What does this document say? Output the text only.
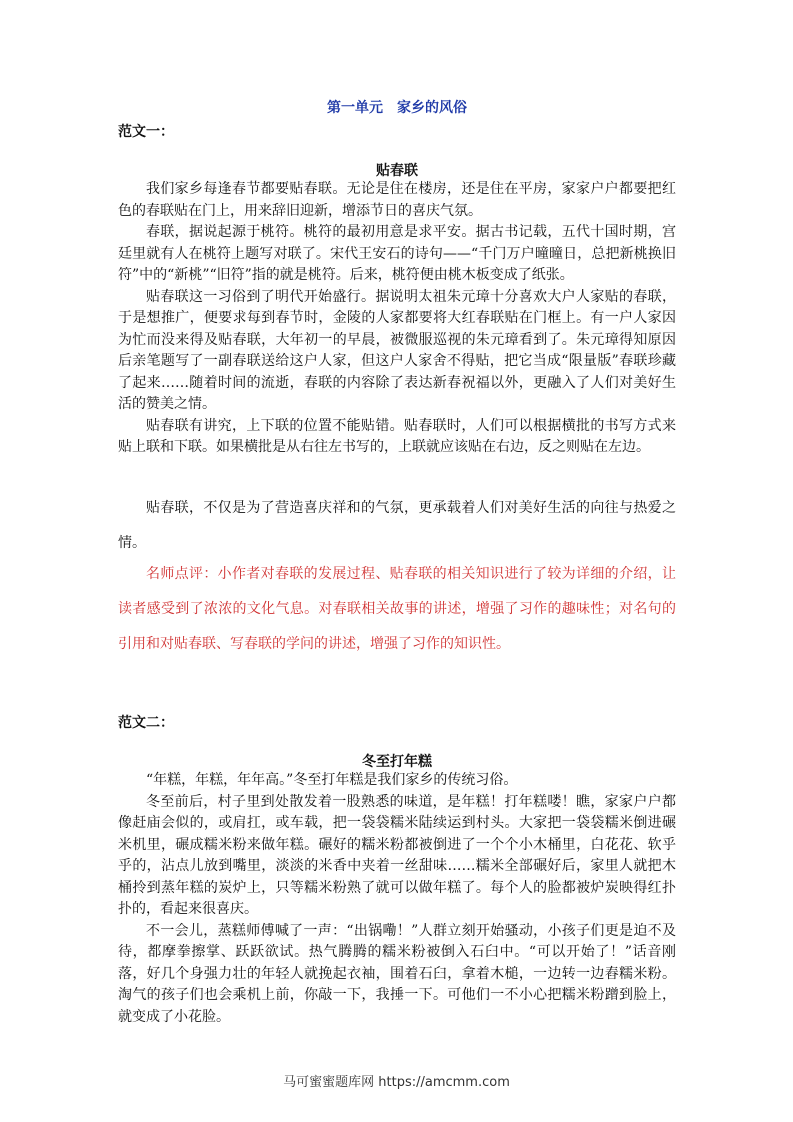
第一单元　家乡的风俗
范文一：
贴春联

我们家乡每逢春节都要贴春联。无论是住在楼房，还是住在平房，家家户户都要把红色的春联贴在门上，用来辞旧迎新，增添节日的喜庆气氛。

春联，据说起源于桃符。桃符的最初用意是求平安。据古书记载，五代十国时期，宫廷里就有人在桃符上题写对联了。宋代王安石的诗句——“千门万户曈曈日，总把新桃换旧符”中的“新桃”“旧符”指的就是桃符。后来，桃符便由桃木板变成了纸张。

贴春联这一习俗到了明代开始盛行。据说明太祖朱元璋十分喜欢大户人家贴的春联，于是想推广，便要求每到春节时，金陵的人家都要将大红春联贴在门框上。有一户人家因为忙而没来得及贴春联，大年初一的早晨，被微服巡视的朱元璋看到了。朱元璋得知原因后亲笔题写了一副春联送给这户人家，但这户人家舍不得贴，把它当成“限量版”春联珍藏了起来……随着时间的流逝，春联的内容除了表达新春祝福以外，更融入了人们对美好生活的赞美之情。

贴春联有讲究，上下联的位置不能贴错。贴春联时，人们可以根据横批的书写方式来贴上联和下联。如果横批是从右往左书写的，上联就应该贴在右边，反之则贴在左边。

贴春联，不仅是为了营造喜庆祥和的气氛，更承载着人们对美好生活的向往与热爱之情。

名师点评：小作者对春联的发展过程、贴春联的相关知识进行了较为详细的介绍，让读者感受到了浓浓的文化气息。对春联相关故事的讲述，增强了习作的趣味性；对名句的引用和对贴春联、写春联的学问的讲述，增强了习作的知识性。

范文二：
冬至打年糕

“年糕，年糕，年年高。”冬至打年糕是我们家乡的传统习俗。

冬至前后，村子里到处散发着一股熟悉的味道，是年糕！打年糕喽！瞧，家家户户都像赶庙会似的，或肩扛，或车载，把一袋袋糯米陆续运到村头。大家把一袋袋糯米倒进碾米机里，碾成糯米粉来做年糕。碾好的糯米粉都被倒进了一个个小木桶里，白花花、软乎乎的，沾点儿放到嘴里，淡淡的米香中夹着一丝甜味……糯米全部碾好后，家里人就把木桶拎到蒸年糕的炭炉上，只等糯米粉熟了就可以做年糕了。每个人的脸都被炉炭映得红扑扑的，看起来很喜庆。

不一会儿，蒸糕师傅喊了一声：“出锅嘞！”人群立刻开始骚动，小孩子们更是迫不及待，都摩拳擦掌、跃跃欲试。热气腾腾的糯米粉被倒入石臼中。“可以开始了！”话音刚落，好几个身强力壮的年轻人就挽起衣袖，围着石臼，拿着木槌，一边转一边舂糯米粉。淘气的孩子们也会乘机上前，你敲一下，我捶一下。可他们一不小心把糯米粉蹭到脸上，就变成了小花脸。

马可蜜蜜题库网 https://amcmm.com
